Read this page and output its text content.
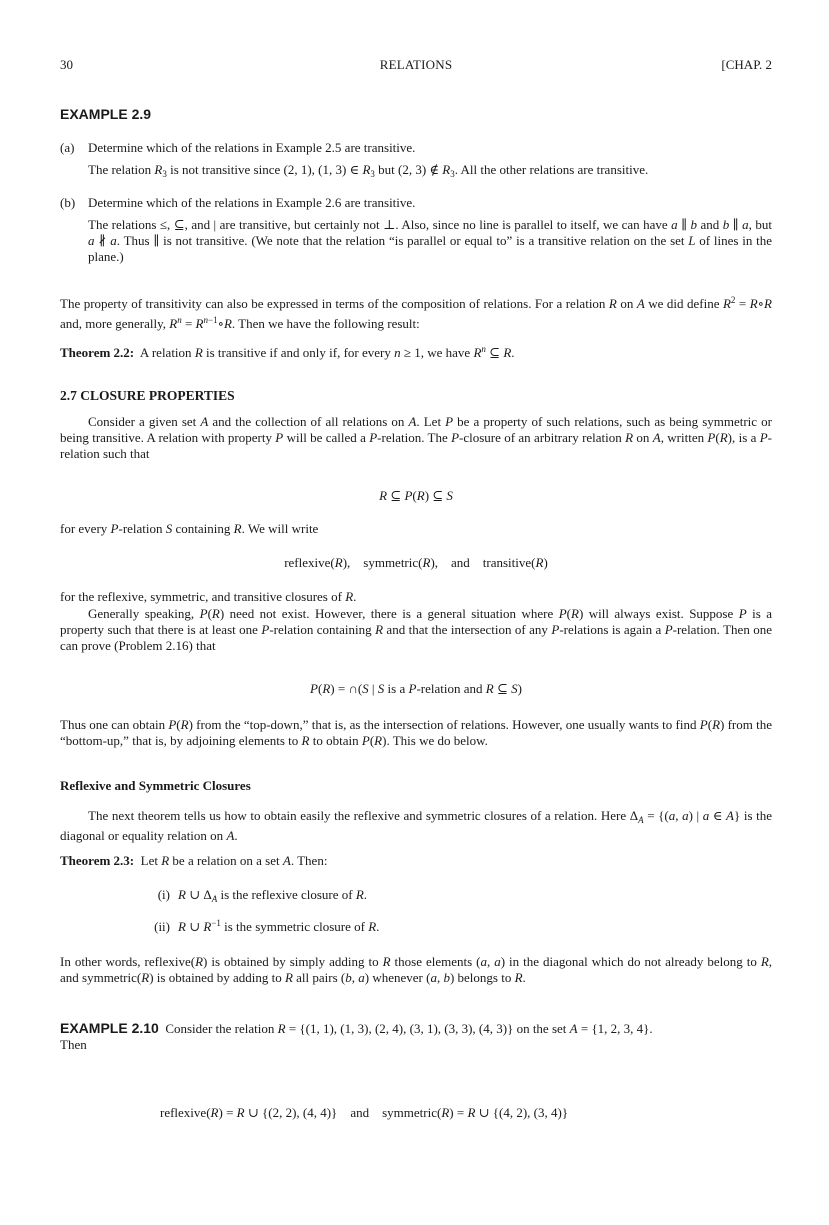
30	RELATIONS	[CHAP. 2
EXAMPLE 2.9
(a) Determine which of the relations in Example 2.5 are transitive.
The relation $R_3$ is not transitive since (2, 1), (1, 3) ∈ $R_3$ but (2, 3) ∉ $R_3$. All the other relations are transitive.
(b) Determine which of the relations in Example 2.6 are transitive.
The relations ≤, ⊆, and | are transitive, but certainly not ⊥. Also, since no line is parallel to itself, we can have a ∥ b and b ∥ a, but a ∦ a. Thus ∥ is not transitive. (We note that the relation “is parallel or equal to” is a transitive relation on the set L of lines in the plane.)
The property of transitivity can also be expressed in terms of the composition of relations. For a relation R on A we did define $R^2$ = R∘R and, more generally, $R^n$ = $R^{n-1}\circ R$. Then we have the following result:
Theorem 2.2:  A relation R is transitive if and only if, for every n ≥ 1, we have $R^n$ ⊆ R.
2.7 CLOSURE PROPERTIES
Consider a given set A and the collection of all relations on A. Let P be a property of such relations, such as being symmetric or being transitive. A relation with property P will be called a P-relation. The P-closure of an arbitrary relation R on A, written P(R), is a P-relation such that
R ⊆ P(R) ⊆ S
for every P-relation S containing R. We will write
reflexive(R),    symmetric(R),    and    transitive(R)
for the reflexive, symmetric, and transitive closures of R.
Generally speaking, P(R) need not exist. However, there is a general situation where P(R) will always exist. Suppose P is a property such that there is at least one P-relation containing R and that the intersection of any P-relations is again a P-relation. Then one can prove (Problem 2.16) that
P(R) = ∩(S | S is a P-relation and R ⊆ S)
Thus one can obtain P(R) from the “top-down,” that is, as the intersection of relations. However, one usually wants to find P(R) from the “bottom-up,” that is, by adjoining elements to R to obtain P(R). This we do below.
Reflexive and Symmetric Closures
The next theorem tells us how to obtain easily the reflexive and symmetric closures of a relation. Here $\Delta_A = \{(a$, a) | a ∈ A} is the diagonal or equality relation on A.
Theorem 2.3:  Let R be a relation on a set A. Then:
(i) R ∪ $\Delta_A$ is the reflexive closure of R.
(ii) R ∪ $R^{-1}$ is the symmetric closure of R.
In other words, reflexive(R) is obtained by simply adding to R those elements (a, a) in the diagonal which do not already belong to R, and symmetric(R) is obtained by adding to R all pairs (b, a) whenever (a, b) belongs to R.
EXAMPLE 2.10  Consider the relation R = {(1, 1), (1, 3), (2, 4), (3, 1), (3, 3), (4, 3)} on the set A = {1, 2, 3, 4}.
Then
reflexive(R) = R ∪ {(2, 2), (4, 4)}    and    symmetric(R) = R ∪ {(4, 2), (3, 4)}
